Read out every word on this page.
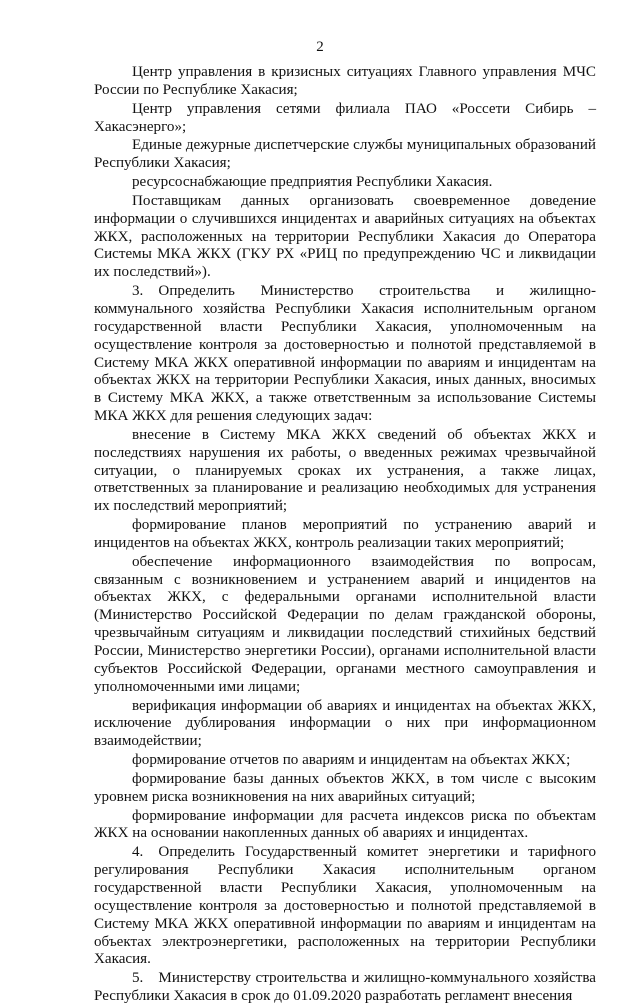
2

Центр управления в кризисных ситуациях Главного управления МЧС России по Республике Хакасия;

Центр управления сетями филиала ПАО «Россети Сибирь – Хакасэнерго»;

Единые дежурные диспетчерские службы муниципальных образований Республики Хакасия;

ресурсоснабжающие предприятия Республики Хакасия.

Поставщикам данных организовать своевременное доведение информации о случившихся инцидентах и аварийных ситуациях на объектах ЖКХ, расположенных на территории Республики Хакасия до Оператора Системы МКА ЖКХ (ГКУ РХ «РИЦ по предупреждению ЧС и ликвидации их последствий»).

3. Определить Министерство строительства и жилищно-коммунального хозяйства Республики Хакасия исполнительным органом государственной власти Республики Хакасия, уполномоченным на осуществление контроля за достоверностью и полнотой представляемой в Систему МКА ЖКХ оперативной информации по авариям и инцидентам на объектах ЖКХ на территории Республики Хакасия, иных данных, вносимых в Систему МКА ЖКХ, а также ответственным за использование Системы МКА ЖКХ для решения следующих задач:

внесение в Систему МКА ЖКХ сведений об объектах ЖКХ и последствиях нарушения их работы, о введенных режимах чрезвычайной ситуации, о планируемых сроках их устранения, а также лицах, ответственных за планирование и реализацию необходимых для устранения их последствий мероприятий;

формирование планов мероприятий по устранению аварий и инцидентов на объектах ЖКХ, контроль реализации таких мероприятий;

обеспечение информационного взаимодействия по вопросам, связанным с возникновением и устранением аварий и инцидентов на объектах ЖКХ, с федеральными органами исполнительной власти (Министерство Российской Федерации по делам гражданской обороны, чрезвычайным ситуациям и ликвидации последствий стихийных бедствий России, Министерство энергетики России), органами исполнительной власти субъектов Российской Федерации, органами местного самоуправления и уполномоченными ими лицами;

верификация информации об авариях и инцидентах на объектах ЖКХ, исключение дублирования информации о них при информационном взаимодействии;

формирование отчетов по авариям и инцидентам на объектах ЖКХ;

формирование базы данных объектов ЖКХ, в том числе с высоким уровнем риска возникновения на них аварийных ситуаций;

формирование информации для расчета индексов риска по объектам ЖКХ на основании накопленных данных об авариях и инцидентах.

4. Определить Государственный комитет энергетики и тарифного регулирования Республики Хакасия исполнительным органом государственной власти Республики Хакасия, уполномоченным на осуществление контроля за достоверностью и полнотой представляемой в Систему МКА ЖКХ оперативной информации по авариям и инцидентам на объектах электроэнергетики, расположенных на территории Республики Хакасия.

5. Министерству строительства и жилищно-коммунального хозяйства Республики Хакасия в срок до 01.09.2020 разработать регламент внесения
